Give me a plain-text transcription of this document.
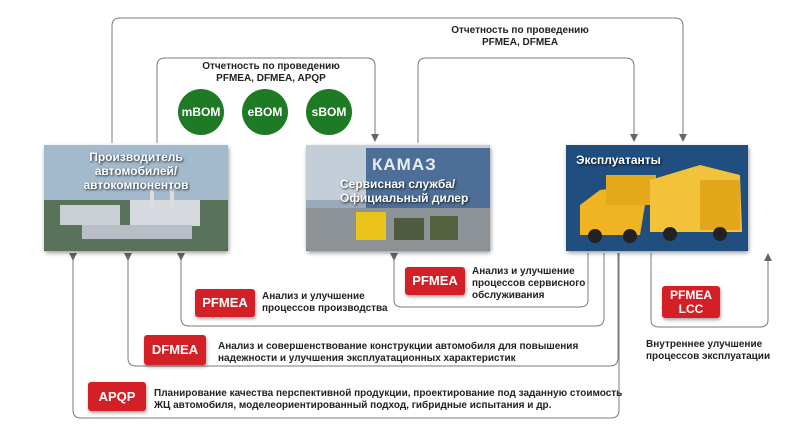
Отчетность по проведению
PFMEA, DFMEA
Отчетность по проведению
PFMEA, DFMEA, APQP
mBOM	eBOM	sBOM
Производитель
автомобилей/
автокомпонентов
КАМАЗ
Сервисная служба/
Официальный дилер
Эксплуатанты
PFMEA Анализ и улучшение
процессов производства
PFMEA
Анализ и улучшение
процессов сервисного
обслуживания
DFMEA Анализ и совершенствование конструкции автомобиля для повышения
надежности и улучшения эксплуатационных характеристик
APQP Планирование качества перспективной продукции, проектирование под заданную стоимость
ЖЦ автомобиля, моделеориентированный подход, гибридные испытания и др.
PFMEA
LCC
Внутреннее улучшение
процессов эксплуатации
